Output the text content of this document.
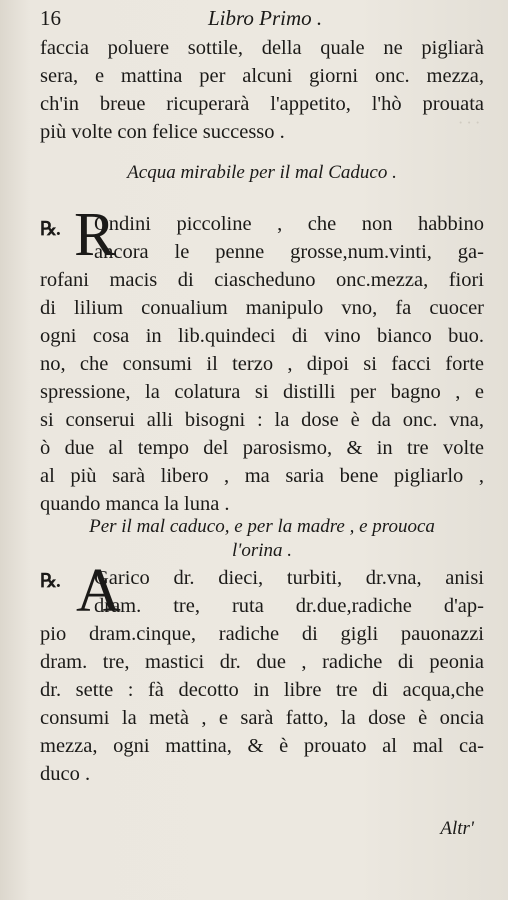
· · ·
16	Libro Primo .
faccia poluere sottile, della quale ne pigliarà
sera, e mattina per alcuni giorni onc. mezza,
ch'in breue ricuperarà l'appetito, l'hò prouata
più volte con felice successo .
Acqua mirabile per il mal Caduco .
℞. R
Ondini piccoline , che non habbino
ancora le penne grosse,num.vinti, ga-
rofani macis di ciascheduno onc.mezza, fiori
di lilium conualium manipulo vno, fa cuocer
ogni cosa in lib.quindeci di vino bianco buo.
no, che consumi il terzo , dipoi si facci forte
spressione, la colatura si distilli per bagno , e
si conserui alli bisogni : la dose è da onc. vna,
ò due al tempo del parosismo, & in tre volte
al più sarà libero , ma saria bene pigliarlo ,
quando manca la luna .
Per il mal caduco, e per la madre , e prouoca
l'orina .
℞. A
Garico dr. dieci, turbiti, dr.vna, anisi
dram. tre, ruta dr.due,radiche d'ap-
pio dram.cinque, radiche di gigli pauonazzi
dram. tre, mastici dr. due , radiche di peonia
dr. sette : fà decotto in libre tre di acqua,che
consumi la metà , e sarà fatto, la dose è oncia
mezza, ogni mattina, & è prouato al mal ca-
duco .
Altr'
